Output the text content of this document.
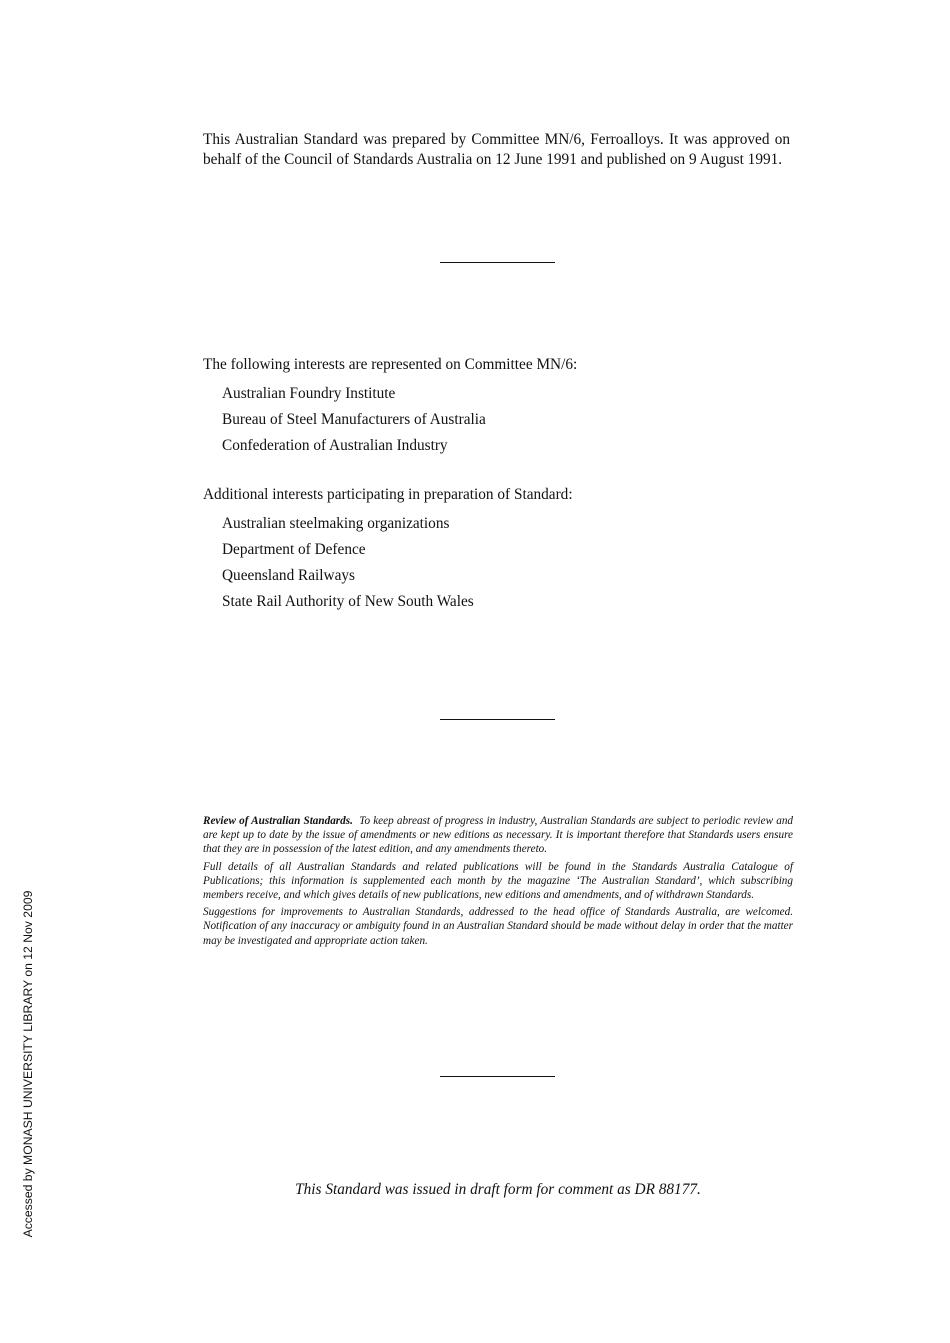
This Australian Standard was prepared by Committee MN/6, Ferroalloys. It was approved on behalf of the Council of Standards Australia on 12 June 1991 and published on 9 August 1991.

The following interests are represented on Committee MN/6:

Australian Foundry Institute
Bureau of Steel Manufacturers of Australia
Confederation of Australian Industry

Additional interests participating in preparation of Standard:

Australian steelmaking organizations
Department of Defence
Queensland Railways
State Rail Authority of New South Wales

Review of Australian Standards. To keep abreast of progress in industry, Australian Standards are subject to periodic review and are kept up to date by the issue of amendments or new editions as necessary. It is important therefore that Standards users ensure that they are in possession of the latest edition, and any amendments thereto.

Full details of all Australian Standards and related publications will be found in the Standards Australia Catalogue of Publications; this information is supplemented each month by the magazine ‘The Australian Standard’, which subscribing members receive, and which gives details of new publications, new editions and amendments, and of withdrawn Standards.

Suggestions for improvements to Australian Standards, addressed to the head office of Standards Australia, are welcomed. Notification of any inaccuracy or ambiguity found in an Australian Standard should be made without delay in order that the matter may be investigated and appropriate action taken.

This Standard was issued in draft form for comment as DR 88177.

Accessed by MONASH UNIVERSITY LIBRARY on 12 Nov 2009
